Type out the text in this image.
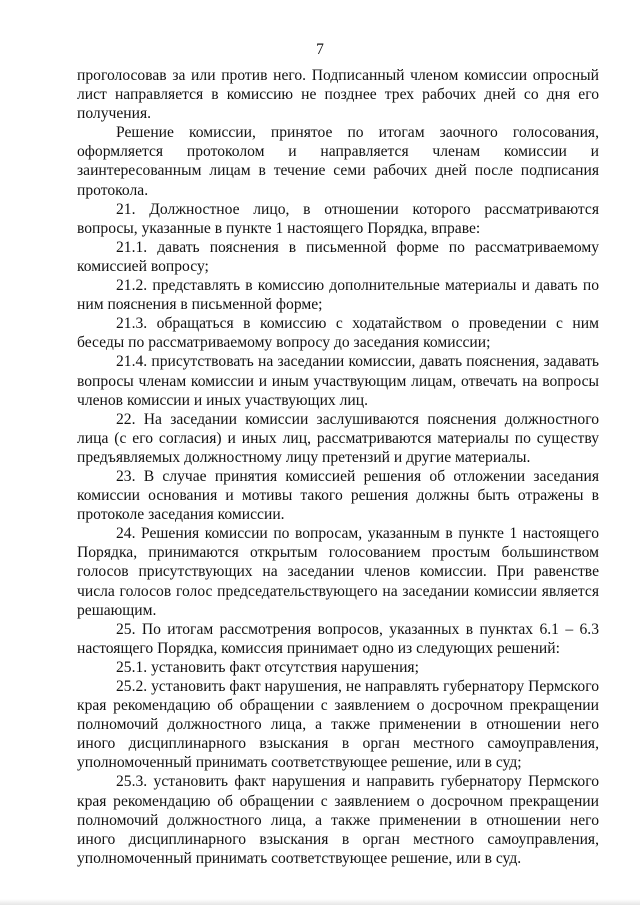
7

проголосовав за или против него. Подписанный членом комиссии опросный лист направляется в комиссию не позднее трех рабочих дней со дня его получения.

Решение комиссии, принятое по итогам заочного голосования, оформляется протоколом и направляется членам комиссии и заинтересованным лицам в течение семи рабочих дней после подписания протокола.

21. Должностное лицо, в отношении которого рассматриваются вопросы, указанные в пункте 1 настоящего Порядка, вправе:

21.1. давать пояснения в письменной форме по рассматриваемому комиссией вопросу;

21.2. представлять в комиссию дополнительные материалы и давать по ним пояснения в письменной форме;

21.3. обращаться в комиссию с ходатайством о проведении с ним беседы по рассматриваемому вопросу до заседания комиссии;

21.4. присутствовать на заседании комиссии, давать пояснения, задавать вопросы членам комиссии и иным участвующим лицам, отвечать на вопросы членов комиссии и иных участвующих лиц.

22. На заседании комиссии заслушиваются пояснения должностного лица (с его согласия) и иных лиц, рассматриваются материалы по существу предъявляемых должностному лицу претензий и другие материалы.

23. В случае принятия комиссией решения об отложении заседания комиссии основания и мотивы такого решения должны быть отражены в протоколе заседания комиссии.

24. Решения комиссии по вопросам, указанным в пункте 1 настоящего Порядка, принимаются открытым голосованием простым большинством голосов присутствующих на заседании членов комиссии. При равенстве числа голосов голос председательствующего на заседании комиссии является решающим.

25. По итогам рассмотрения вопросов, указанных в пунктах 6.1 – 6.3 настоящего Порядка, комиссия принимает одно из следующих решений:

25.1. установить факт отсутствия нарушения;

25.2. установить факт нарушения, не направлять губернатору Пермского края рекомендацию об обращении с заявлением о досрочном прекращении полномочий должностного лица, а также применении в отношении него иного дисциплинарного взыскания в орган местного самоуправления, уполномоченный принимать соответствующее решение, или в суд;

25.3. установить факт нарушения и направить губернатору Пермского края рекомендацию об обращении с заявлением о досрочном прекращении полномочий должностного лица, а также применении в отношении него иного дисциплинарного взыскания в орган местного самоуправления, уполномоченный принимать соответствующее решение, или в суд.
